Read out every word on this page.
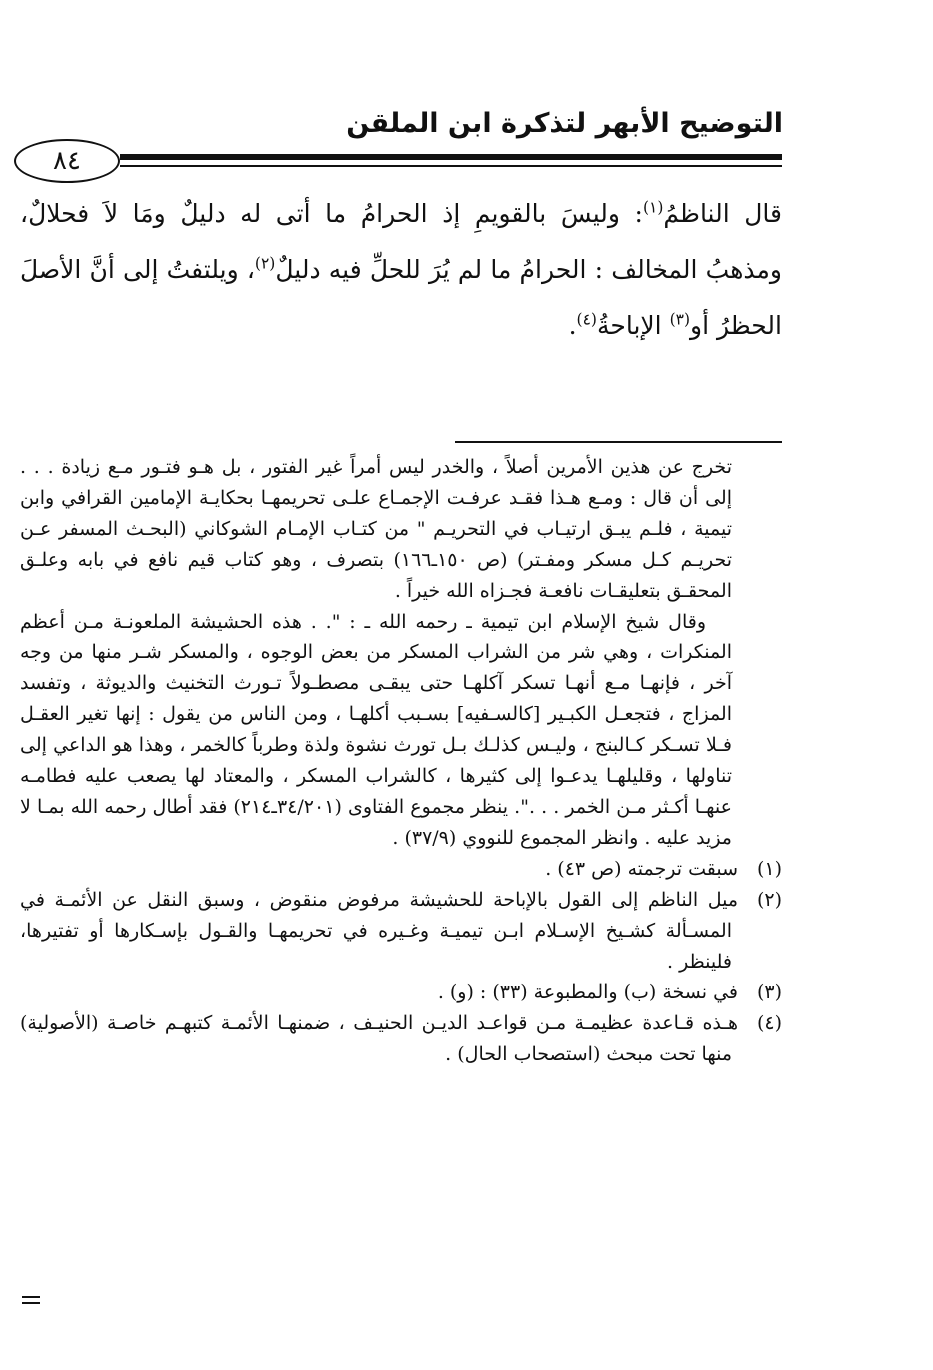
التوضيح الأبهر لتذكرة ابن الملقن
٨٤
قال الناظمُ$^{(١)}$: وليسَ بالقويمِ إذ الحرامُ ما أتى له دليلٌ ومَا لاَ فحلالٌ، ومذهبُ المخالف : الحرامُ ما لم يُرَ للحلِّ فيه دليلٌ$^{(٢)}$، ويلتفتُ إلى أنَّ الأصلَ الحظرُ أو$^{(٣)}$ الإباحةُ$^{(٤)}$.

تخرج عن هذين الأمرين أصلاً ، والخدر ليس أمراً غير الفتور ، بل هـو فتـور مـع زيادة . . . إلى أن قال : ومـع هـذا فقـد عرفـت الإجمـاع علـى تحريمهـا بحكايـة الإمامين القرافي وابن تيمية ، فلـم يبـق ارتيـاب في التحريـم " من كتـاب الإمـام الشوكاني (البحـث المسفر عـن تحريـم كـل مسكر ومفـتر) (ص ١٥٠ـ١٦٦) بتصرف ، وهو كتاب قيم نافع في بابه وعلـق المحقـق بتعليقـات نافعـة فجـزاه الله خيراً .

وقال شيخ الإسلام ابن تيمية ـ رحمه الله ـ : ". . هذه الحشيشة الملعونـة مـن أعظم المنكرات ، وهي شر من الشراب المسكر من بعض الوجوه ، والمسكر شـر منها من وجه آخر ، فإنهـا مـع أنهـا تسكر آكلهـا حتى يبقـى مصطـولاً تـورث التخنيث والديوثة ، وتفسد المزاج ، فتجعـل الكبـير [كالسـفيه] بسـبب أكلهـا ، ومن الناس من يقول : إنها تغير العقـل فـلا تسـكر كـالبنج ، وليـس كذلـك بـل تورث نشوة ولذة وطرباً كالخمر ، وهذا هو الداعي إلى تناولها ، وقليلهـا يدعـوا إلى كثيرها ، كالشراب المسكر ، والمعتاد لها يصعب عليه فطامـه عنهـا أكـثر مـن الخمر . . .". ينظر مجموع الفتاوى (٣٤/٢٠١ـ٢١٤) فقد أطال رحمه الله بمـا لا مزيد عليه . وانظر المجموع للنووي (٣٧/٩) .

(١)سبقت ترجمته (ص ٤٣) .

(٢)ميل الناظم إلى القول بالإباحة للحشيشة مرفوض منقوض ، وسبق النقل عن الأئمـة في المسـألة كشـيخ الإسـلام ابـن تيميـة وغـيره في تحريمهـا والقـول بإسـكارها أو تفتيرها، فلينظر .

(٣)في نسخة (ب) والمطبوعة (٣٣) : (و) .

(٤)هـذه قـاعدة عظيمـة مـن قواعـد الديـن الحنيـف ، ضمنهـا الأئمـة كتبهـم خاصـة (الأصولية) منها تحت مبحث (استصحاب الحال) .
